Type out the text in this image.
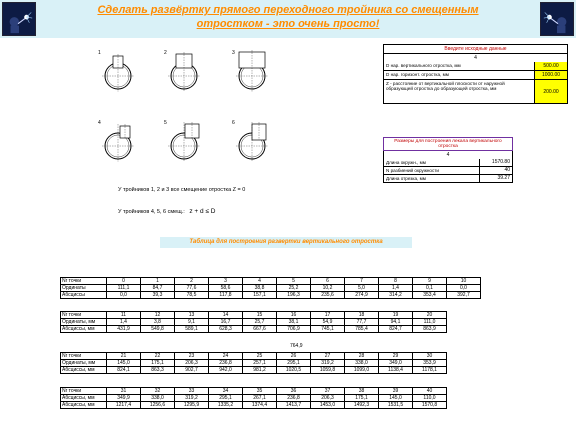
Сделать развёртку прямого переходного тройника со смещенным
отростком - это очень просто!
1	2	3
4	5	6
У тройников 1, 2 и 3 все смещение отростка Z = 0
У тройников 4, 5, 6 смещ.: z + d ≤ D
Введите исходные данные
4
D нар. вертикального отростка, мм	500.00
D нар. горизонт. отростка, мм	1000.00
Z - расстояние от вертикальной плоскости от наружной образующей отростка до образующей отростка, мм	200.00
Размеры для построения лекала вертикального отростка
4
Длина окружн., мм	1570.80
N разбиений окружности	40
Длина отрезка, мм	39.27
Таблица для построения развертки вертикального отростка
Nr точки	0	1	2	3	4	5	6	7	8	9	10
Ординаты	111,1	84,7	77,6	58,6	38,8	25,2	10,2	5,0	1,4	0,1	0,0
Абсциссы	0,0	39,3	78,5	117,8	157,1	196,3	235,6	274,9	314,2	353,4	392,7
Nr точки	11	12	13	14	15	16	17	18	19	20
Ординаты, мм	1,4	3,8	9,1	16,7	25,7	38,1	54,9	77,7	94,1	111,0
Абсциссы, мм	431,9	549,8	589,1	628,3	667,6	706,9	745,1	785,4	824,7	863,9
764,9
Nr точки	21	22	23	24	25	26	27	28	29	30
Ординаты, мм	145,0	175,1	206,3	236,8	257,1	295,1	319,2	338,0	349,0	353,9
Абсциссы, мм	824,1	863,3	902,7	942,0	981,2	1020,5	1059,8	1099,0	1138,4	1178,1
Nr точки	31	32	33	34	35	36	37	38	39	40
Абсциссы, мм	349,9	338,0	319,2	295,1	267,1	236,8	206,3	175,1	145,0	110,0
Абсциссы, мм	1217,4	1256,6	1295,9	1335,2	1374,4	1413,7	1453,0	1492,3	1531,5	1570,8
